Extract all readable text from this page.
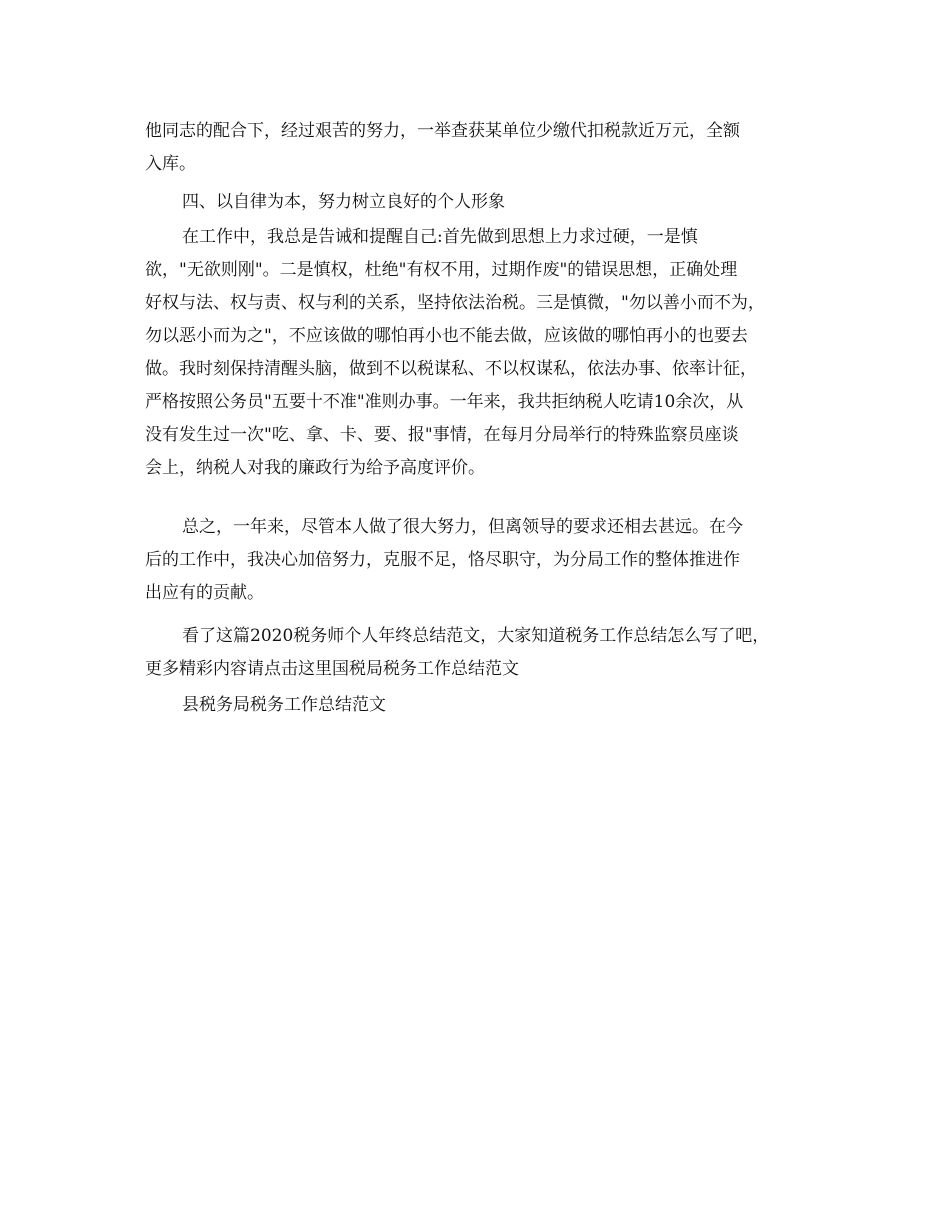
他同志的配合下，经过艰苦的努力，一举查获某单位少缴代扣税款近万元，全额
入库。
四、以自律为本，努力树立良好的个人形象
在工作中，我总是告诫和提醒自己:首先做到思想上力求过硬，一是慎
欲，"无欲则刚"。二是慎权，杜绝"有权不用，过期作废"的错误思想，正确处理
好权与法、权与责、权与利的关系，坚持依法治税。三是慎微，"勿以善小而不为，
勿以恶小而为之"，不应该做的哪怕再小也不能去做，应该做的哪怕再小的也要去
做。我时刻保持清醒头脑，做到不以税谋私、不以权谋私，依法办事、依率计征，
严格按照公务员"五要十不准"准则办事。一年来，我共拒纳税人吃请10余次，从
没有发生过一次"吃、拿、卡、要、报"事情，在每月分局举行的特殊监察员座谈
会上，纳税人对我的廉政行为给予高度评价。
总之，一年来，尽管本人做了很大努力，但离领导的要求还相去甚远。在今
后的工作中，我决心加倍努力，克服不足，恪尽职守，为分局工作的整体推进作
出应有的贡献。
看了这篇2020税务师个人年终总结范文，大家知道税务工作总结怎么写了吧，
更多精彩内容请点击这里国税局税务工作总结范文
县税务局税务工作总结范文
